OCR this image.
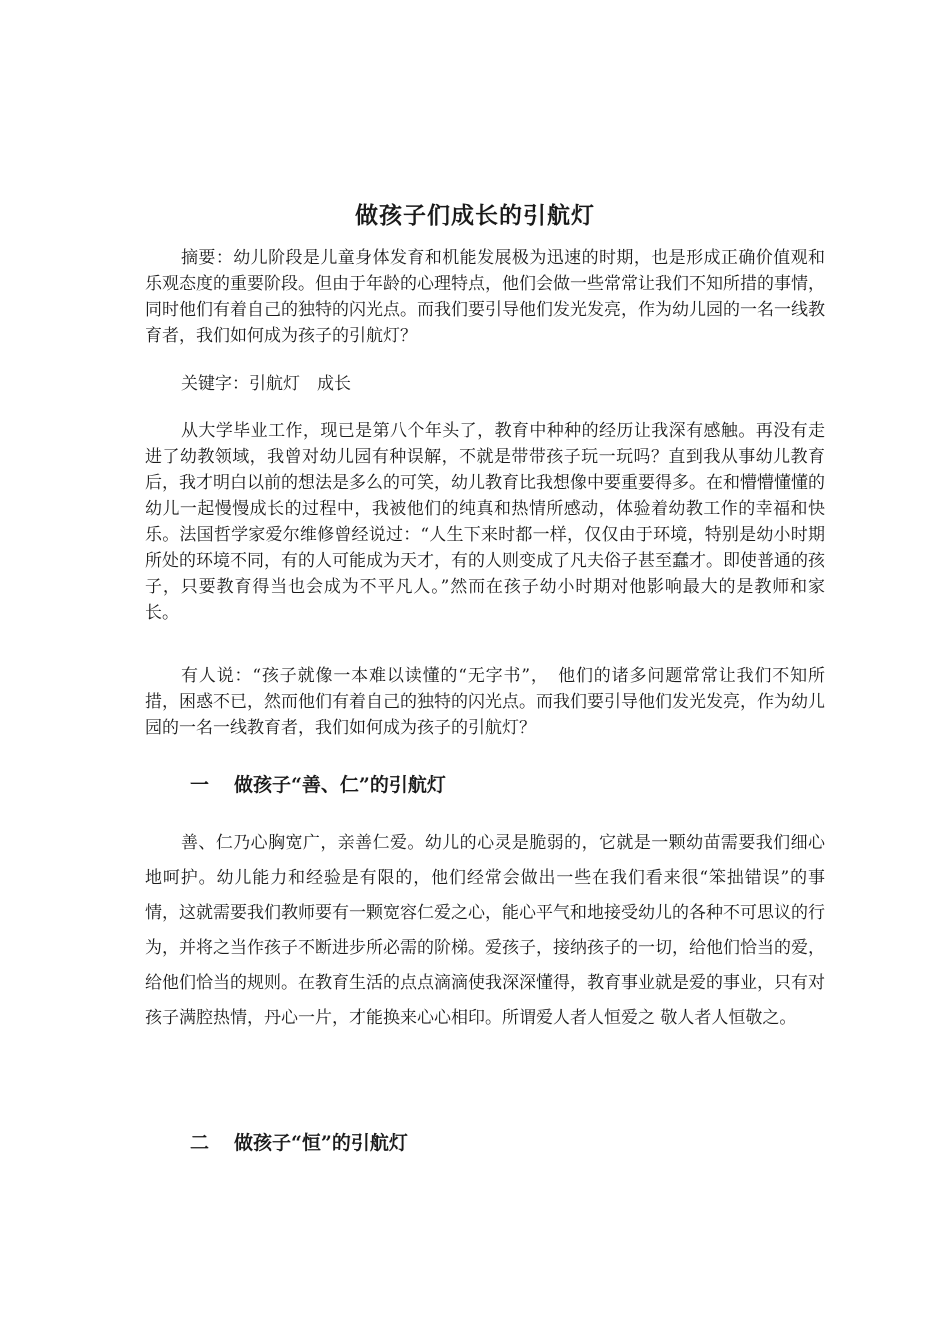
做孩子们成长的引航灯

摘要：幼儿阶段是儿童身体发育和机能发展极为迅速的时期，也是形成正确价值观和乐观态度的重要阶段。但由于年龄的心理特点，他们会做一些常常让我们不知所措的事情，同时他们有着自己的独特的闪光点。而我们要引导他们发光发亮，作为幼儿园的一名一线教育者，我们如何成为孩子的引航灯？

关键字：引航灯　成长

从大学毕业工作，现已是第八个年头了，教育中种种的经历让我深有感触。再没有走进了幼教领域，我曾对幼儿园有种误解，不就是带带孩子玩一玩吗？直到我从事幼儿教育后，我才明白以前的想法是多么的可笑，幼儿教育比我想像中要重要得多。在和懵懵懂懂的幼儿一起慢慢成长的过程中，我被他们的纯真和热情所感动，体验着幼教工作的幸福和快乐。法国哲学家爱尔维修曾经说过：“人生下来时都一样，仅仅由于环境，特别是幼小时期所处的环境不同，有的人可能成为天才，有的人则变成了凡夫俗子甚至蠢才。即使普通的孩子，只要教育得当也会成为不平凡人。”然而在孩子幼小时期对他影响最大的是教师和家长。

有人说：“孩子就像一本难以读懂的“无字书”，　他们的诸多问题常常让我们不知所措，困惑不已，然而他们有着自己的独特的闪光点。而我们要引导他们发光发亮，作为幼儿园的一名一线教育者，我们如何成为孩子的引航灯？

一 做孩子“善、仁”的引航灯

善、仁乃心胸宽广，亲善仁爱。幼儿的心灵是脆弱的，它就是一颗幼苗需要我们细心地呵护。幼儿能力和经验是有限的，他们经常会做出一些在我们看来很“笨拙错误”的事情，这就需要我们教师要有一颗宽容仁爱之心，能心平气和地接受幼儿的各种不可思议的行为，并将之当作孩子不断进步所必需的阶梯。爱孩子，接纳孩子的一切，给他们恰当的爱，给他们恰当的规则。在教育生活的点点滴滴使我深深懂得，教育事业就是爱的事业，只有对孩子满腔热情，丹心一片，才能换来心心相印。所谓爱人者人恒爱之 敬人者人恒敬之。

二 做孩子“恒”的引航灯
